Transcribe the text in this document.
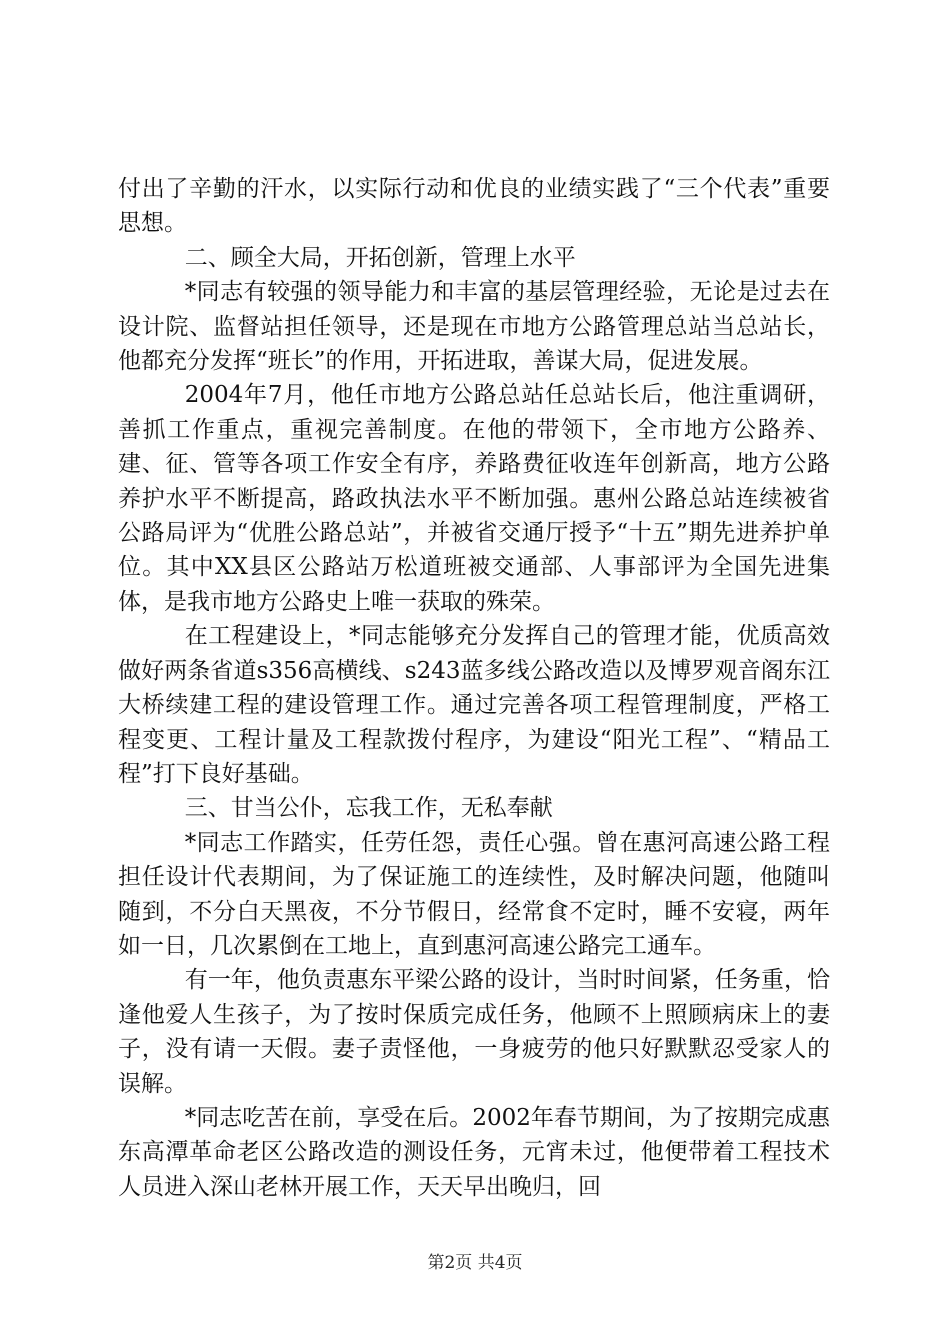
付出了辛勤的汗水，以实际行动和优良的业绩实践了“三个代表”重要思想。

二、顾全大局，开拓创新，管理上水平

*同志有较强的领导能力和丰富的基层管理经验，无论是过去在设计院、监督站担任领导，还是现在市地方公路管理总站当总站长，他都充分发挥“班长”的作用，开拓进取，善谋大局，促进发展。

2004年7月，他任市地方公路总站任总站长后，他注重调研，善抓工作重点，重视完善制度。在他的带领下，全市地方公路养、建、征、管等各项工作安全有序，养路费征收连年创新高，地方公路养护水平不断提高，路政执法水平不断加强。惠州公路总站连续被省公路局评为“优胜公路总站”，并被省交通厅授予“十五”期先进养护单位。其中XX县区公路站万松道班被交通部、人事部评为全国先进集体，是我市地方公路史上唯一获取的殊荣。

在工程建设上，*同志能够充分发挥自己的管理才能，优质高效做好两条省道s356高横线、s243蓝多线公路改造以及博罗观音阁东江大桥续建工程的建设管理工作。通过完善各项工程管理制度，严格工程变更、工程计量及工程款拨付程序，为建设“阳光工程”、“精品工程”打下良好基础。

三、甘当公仆，忘我工作，无私奉献

*同志工作踏实，任劳任怨，责任心强。曾在惠河高速公路工程担任设计代表期间，为了保证施工的连续性，及时解决问题，他随叫随到，不分白天黑夜，不分节假日，经常食不定时，睡不安寝，两年如一日，几次累倒在工地上，直到惠河高速公路完工通车。

有一年，他负责惠东平梁公路的设计，当时时间紧，任务重，恰逢他爱人生孩子，为了按时保质完成任务，他顾不上照顾病床上的妻子，没有请一天假。妻子责怪他，一身疲劳的他只好默默忍受家人的误解。

*同志吃苦在前，享受在后。2002年春节期间，为了按期完成惠东高潭革命老区公路改造的测设任务，元宵未过，他便带着工程技术人员进入深山老林开展工作，天天早出晚归，回

第2页 共4页
